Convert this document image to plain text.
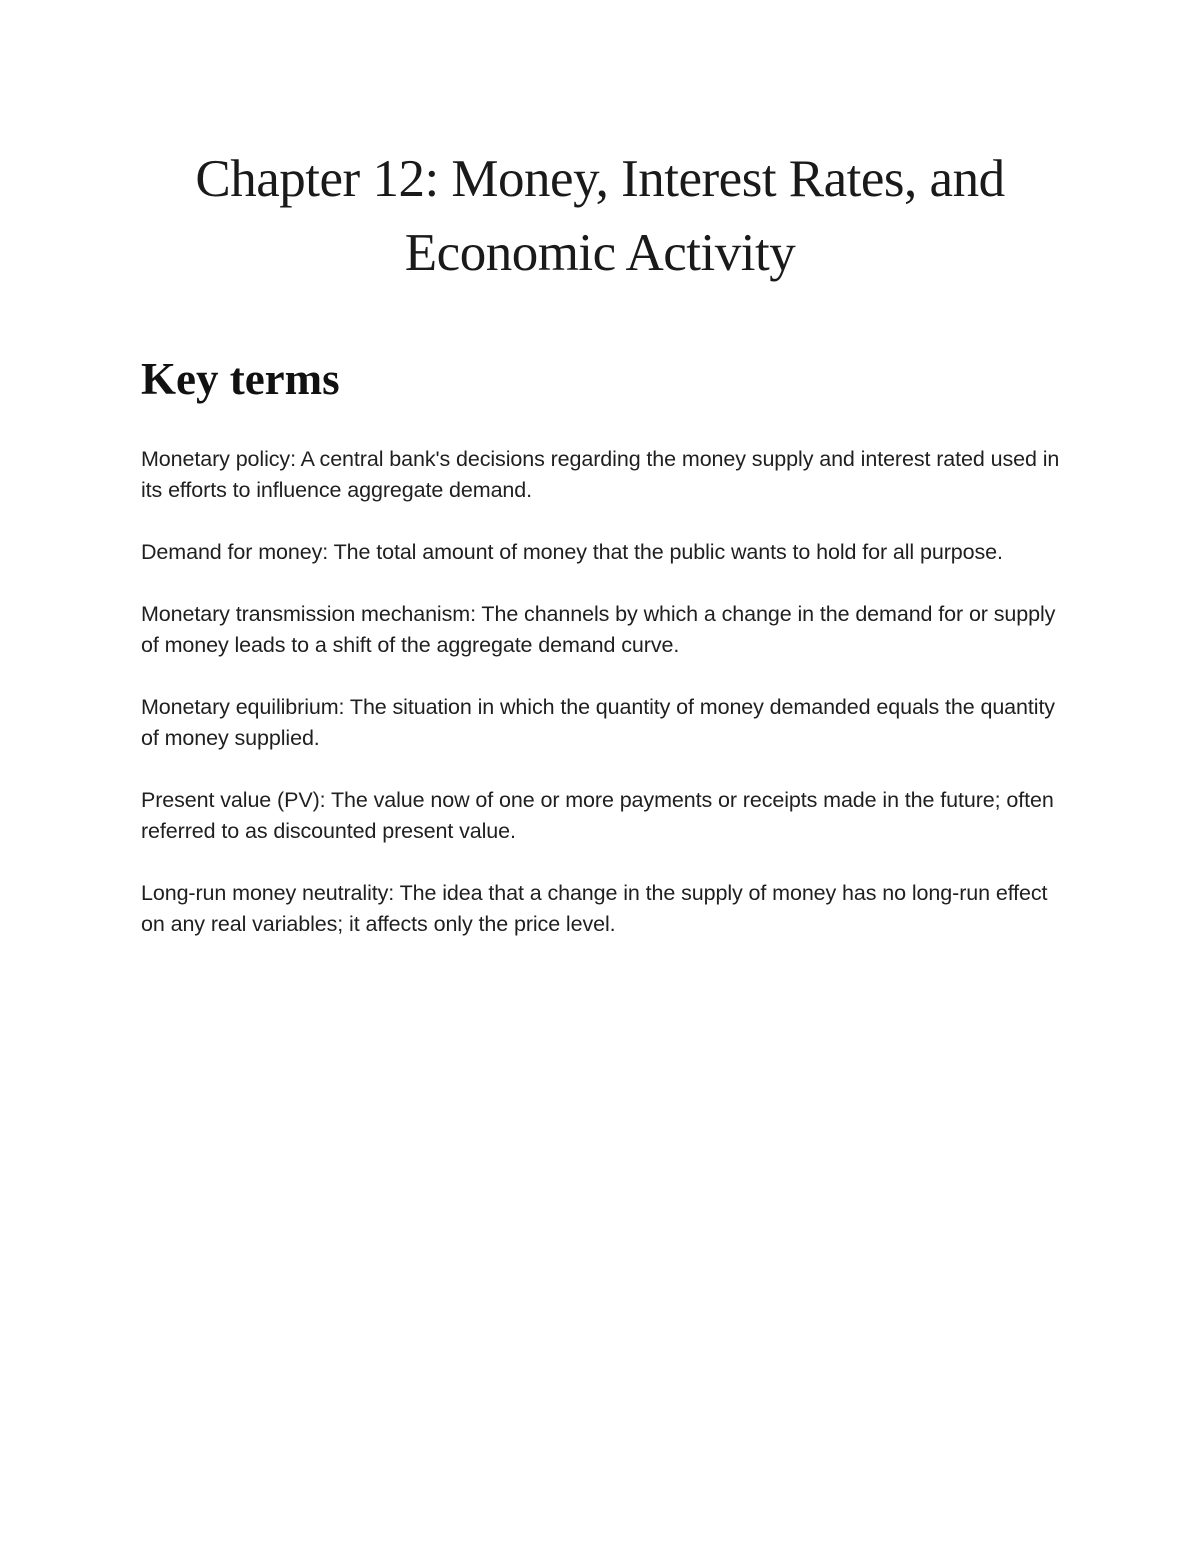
Chapter 12: Money, Interest Rates, and Economic Activity
Key terms

Monetary policy: A central bank's decisions regarding the money supply and interest rated used in its efforts to influence aggregate demand.

Demand for money: The total amount of money that the public wants to hold for all purpose.

Monetary transmission mechanism: The channels by which a change in the demand for or supply of money leads to a shift of the aggregate demand curve.

Monetary equilibrium: The situation in which the quantity of money demanded equals the quantity of money supplied.

Present value (PV): The value now of one or more payments or receipts made in the future; often referred to as discounted present value.

Long-run money neutrality: The idea that a change in the supply of money has no long-run effect on any real variables; it affects only the price level.
